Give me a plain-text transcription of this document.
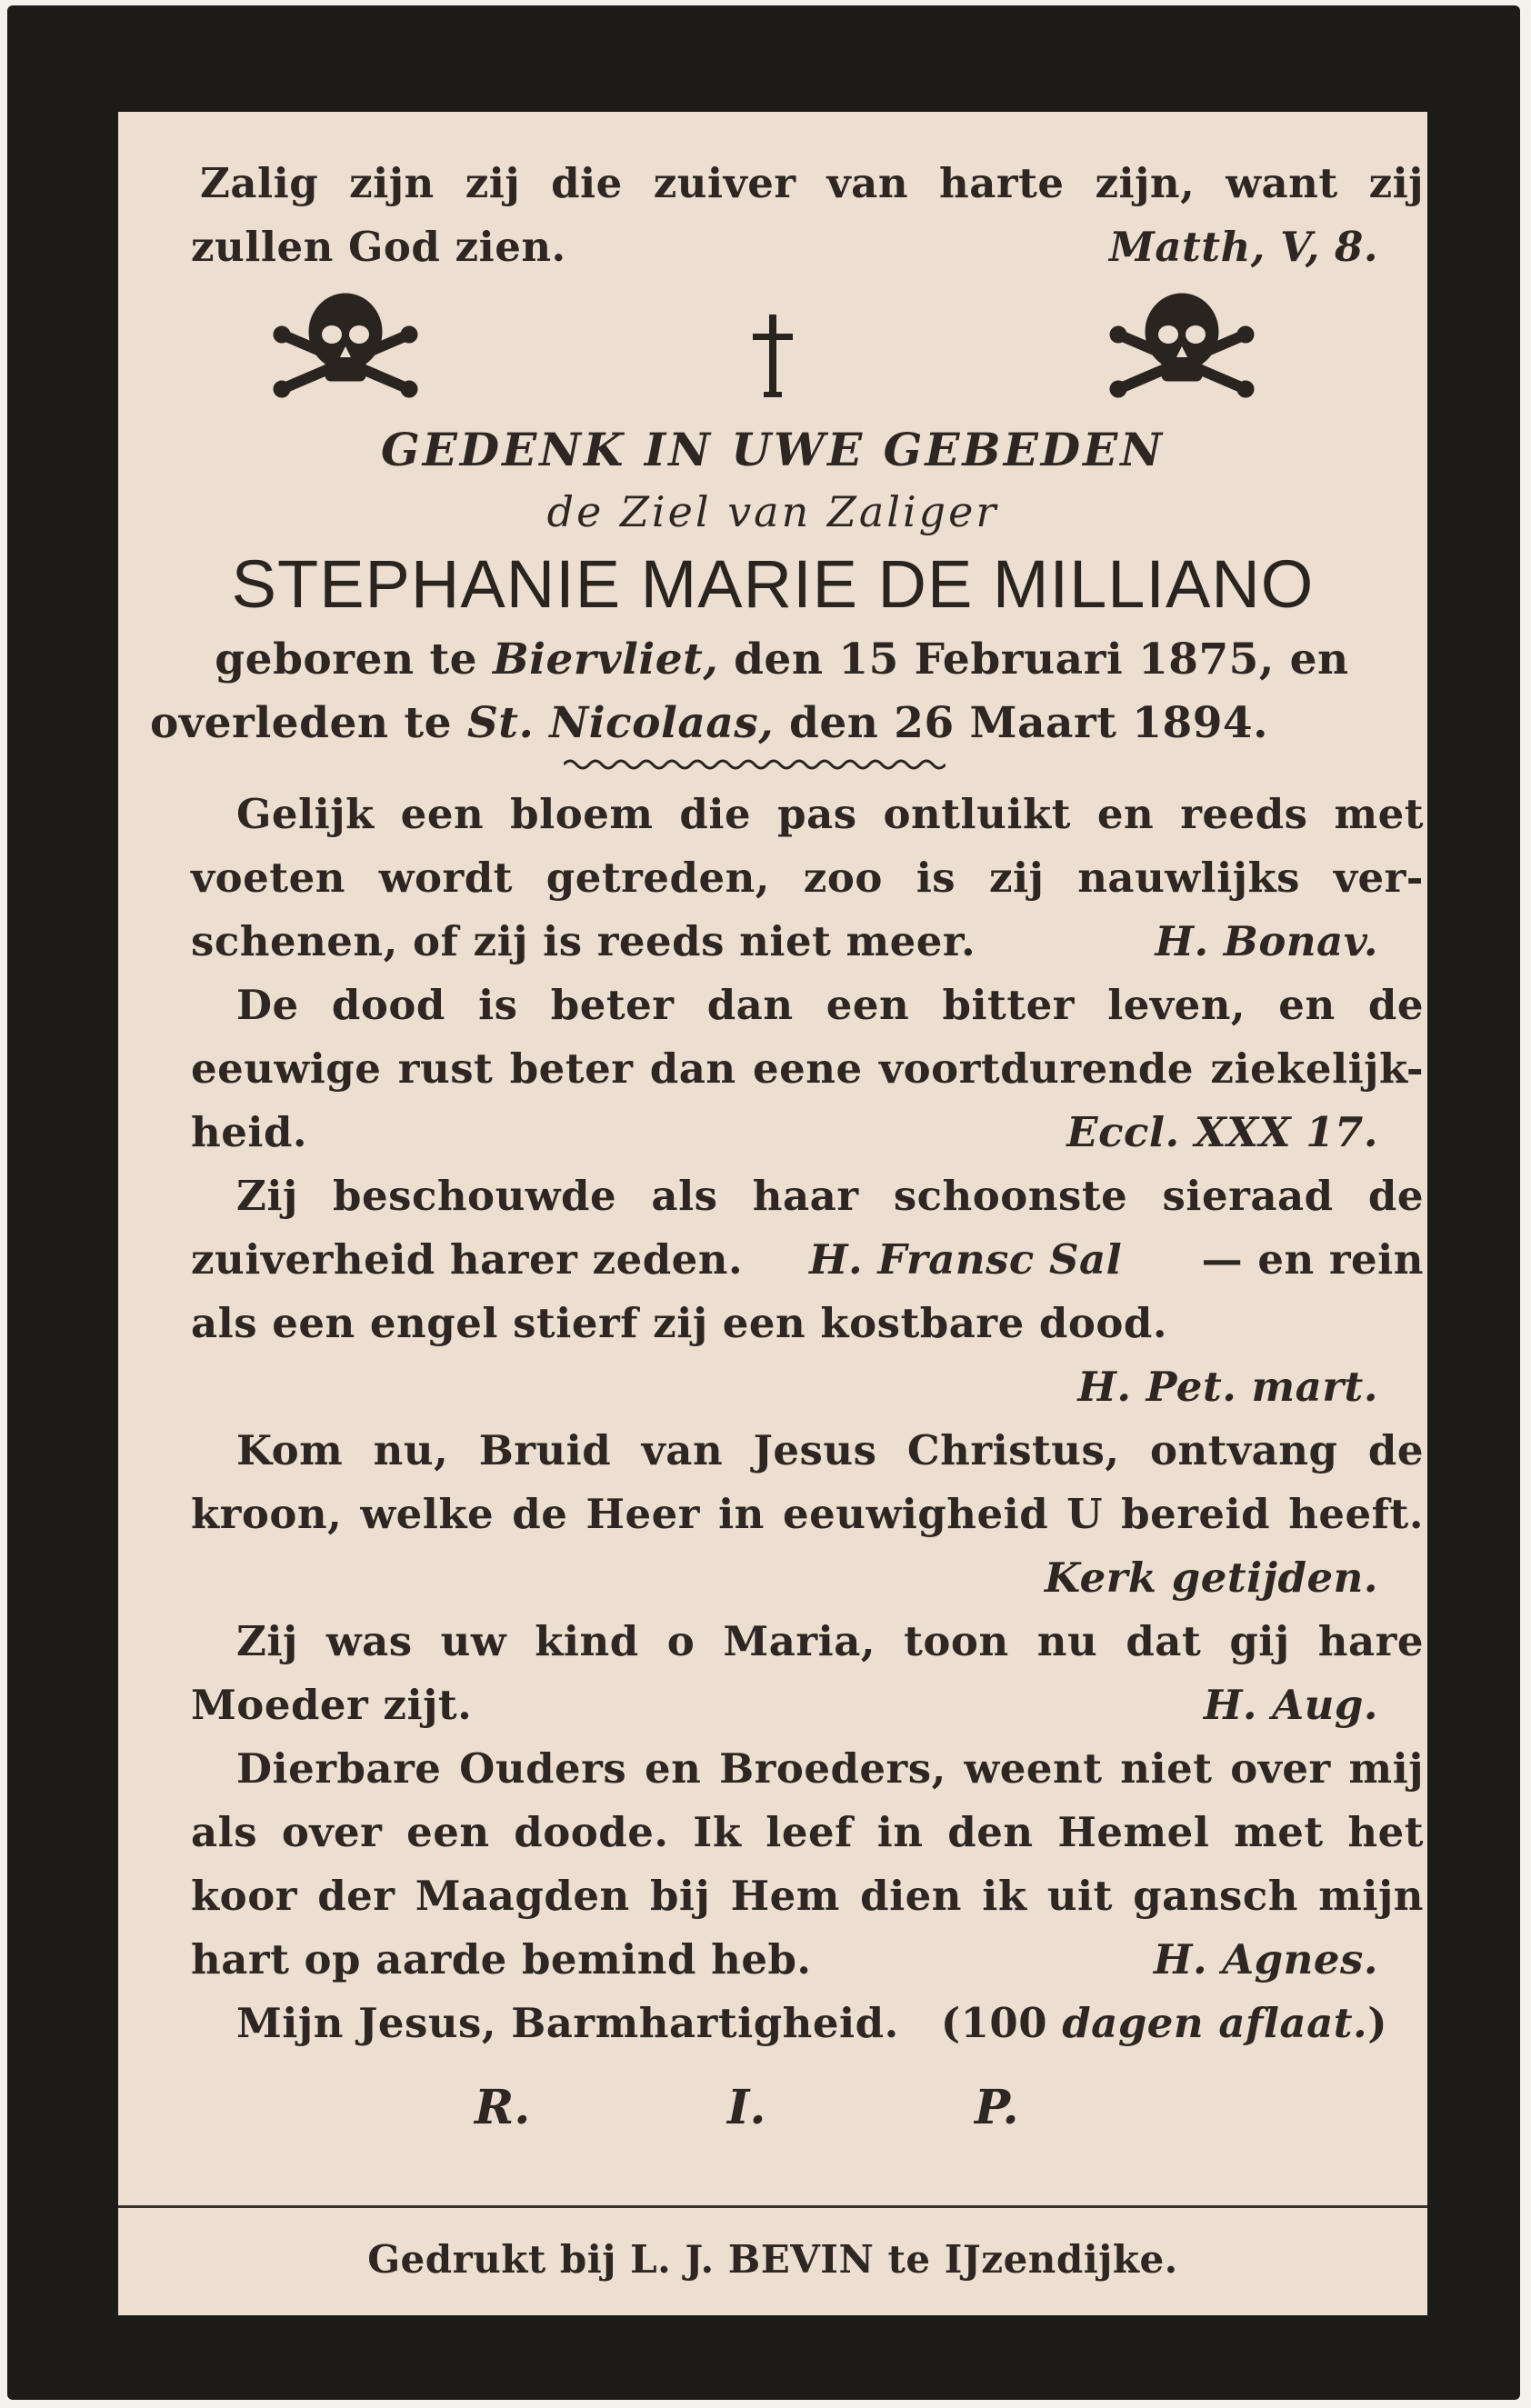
Zalig zijn zij die zuiver van harte zijn, want zij
zullen God zien.	Matth, V, 8.
GEDENK IN UWE GEBEDEN
de Ziel van Zaliger
STEPHANIE MARIE DE MILLIANO
geboren te Biervliet, den 15 Februari 1875, en
overleden te St. Nicolaas, den 26 Maart 1894.
Gelijk een bloem die pas ontluikt en reeds met
voeten wordt getreden, zoo is zij nauwlijks ver-
schenen, of zij is reeds niet meer.	H. Bonav.
De dood is beter dan een bitter leven, en de
eeuwige rust beter dan eene voortdurende ziekelijk-
heid.	Eccl. XXX 17.
Zij beschouwde als haar schoonste sieraad de
zuiverheid harer zeden. H. Fransc Sal — en rein
als een engel stierf zij een kostbare dood.
H. Pet. mart.
Kom nu, Bruid van Jesus Christus, ontvang de
kroon, welke de Heer in eeuwigheid U bereid heeft.
Kerk getijden.
Zij was uw kind o Maria, toon nu dat gij hare
Moeder zijt.	H. Aug.
Dierbare Ouders en Broeders, weent niet over mij
als over een doode. Ik leef in den Hemel met het
koor der Maagden bij Hem dien ik uit gansch mijn
hart op aarde bemind heb.	H. Agnes.
Mijn Jesus, Barmhartigheid. (100 dagen aflaat.)
R.	I.	P.
Gedrukt bij L. J. BEVIN te IJzendijke.
